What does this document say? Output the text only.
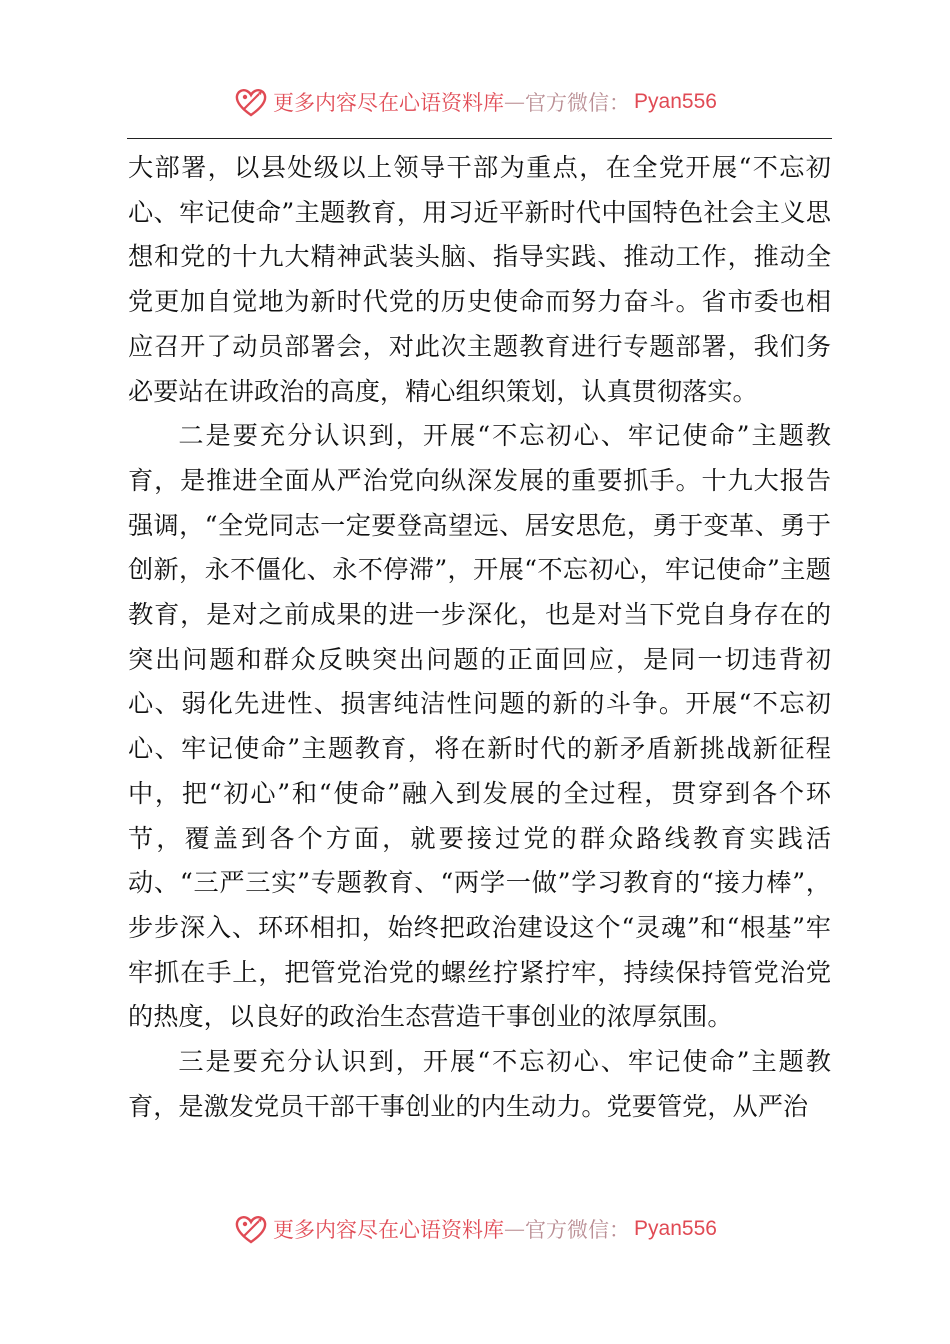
更多内容尽在心语资料库 — 官方微信： Pyan556

大部署，以县处级以上领导干部为重点，在全党开展“不忘初心、牢记使命”主题教育，用习近平新时代中国特色社会主义思想和党的十九大精神武装头脑、指导实践、推动工作，推动全党更加自觉地为新时代党的历史使命而努力奋斗。省市委也相应召开了动员部署会，对此次主题教育进行专题部署，我们务必要站在讲政治的高度，精心组织策划，认真贯彻落实。

二是要充分认识到，开展“不忘初心、牢记使命”主题教育，是推进全面从严治党向纵深发展的重要抓手。十九大报告强调，“全党同志一定要登高望远、居安思危，勇于变革、勇于创新，永不僵化、永不停滞”，开展“不忘初心，牢记使命”主题教育，是对之前成果的进一步深化，也是对当下党自身存在的突出问题和群众反映突出问题的正面回应，是同一切违背初心、弱化先进性、损害纯洁性问题的新的斗争。开展“不忘初心、牢记使命”主题教育，将在新时代的新矛盾新挑战新征程中，把“初心”和“使命”融入到发展的全过程，贯穿到各个环节，覆盖到各个方面，就要接过党的群众路线教育实践活动、“三严三实”专题教育、“两学一做”学习教育的“接力棒”，步步深入、环环相扣，始终把政治建设这个“灵魂”和“根基”牢牢抓在手上，把管党治党的螺丝拧紧拧牢，持续保持管党治党的热度，以良好的政治生态营造干事创业的浓厚氛围。

三是要充分认识到，开展“不忘初心、牢记使命”主题教育，是激发党员干部干事创业的内生动力。党要管党，从严治

更多内容尽在心语资料库 — 官方微信： Pyan556
